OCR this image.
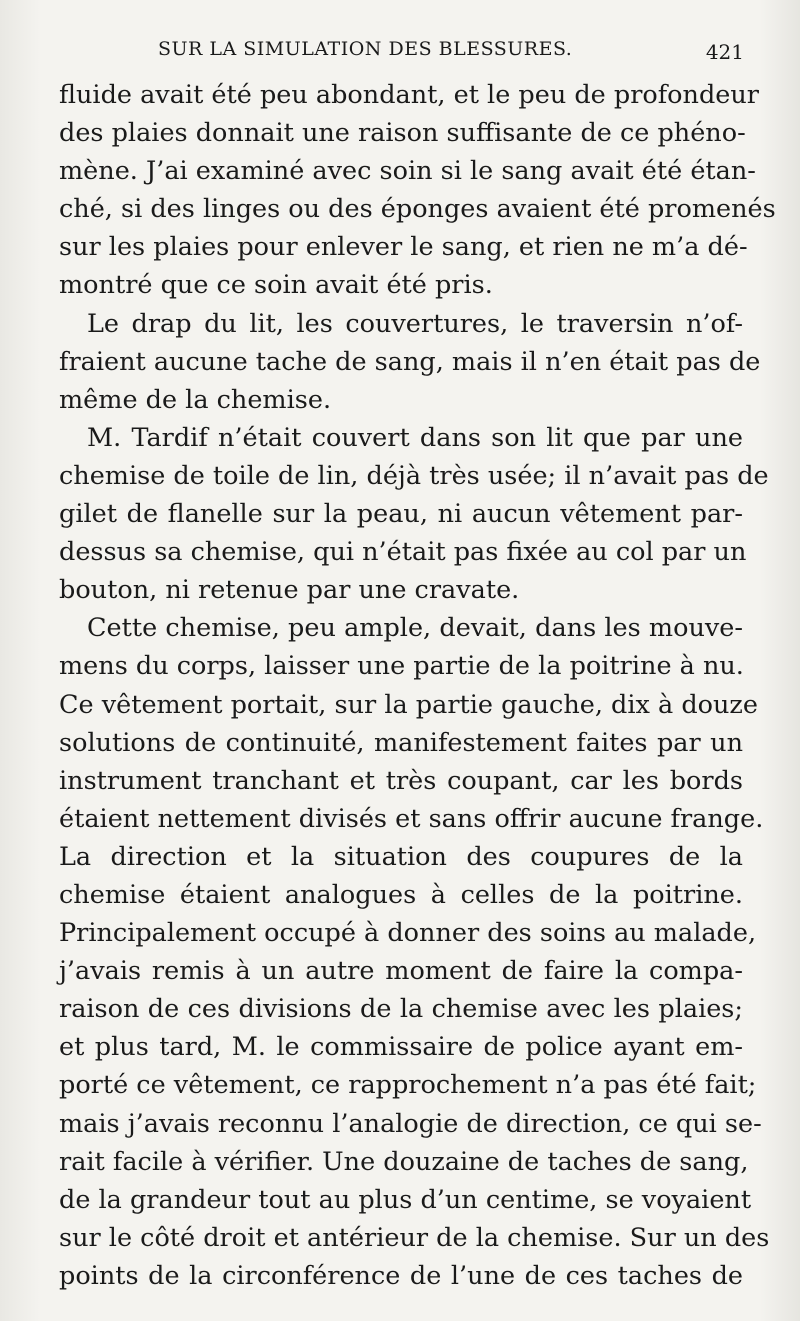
SUR LA SIMULATION DES BLESSURES.	421
fluide avait été peu abondant, et le peu de profondeur
des plaies donnait une raison suffisante de ce phéno-
mène. J’ai examiné avec soin si le sang avait été étan-
ché, si des linges ou des éponges avaient été promenés
sur les plaies pour enlever le sang, et rien ne m’a dé-
montré que ce soin avait été pris.
Le drap du lit, les couvertures, le traversin n’of-
fraient aucune tache de sang, mais il n’en était pas de
même de la chemise.
M. Tardif n’était couvert dans son lit que par une
chemise de toile de lin, déjà très usée; il n’avait pas de
gilet de flanelle sur la peau, ni aucun vêtement par-
dessus sa chemise, qui n’était pas fixée au col par un
bouton, ni retenue par une cravate.
Cette chemise, peu ample, devait, dans les mouve-
mens du corps, laisser une partie de la poitrine à nu.
Ce vêtement portait, sur la partie gauche, dix à douze
solutions de continuité, manifestement faites par un
instrument tranchant et très coupant, car les bords
étaient nettement divisés et sans offrir aucune frange.
La direction et la situation des coupures de la
chemise étaient analogues à celles de la poitrine.
Principalement occupé à donner des soins au malade,
j’avais remis à un autre moment de faire la compa-
raison de ces divisions de la chemise avec les plaies;
et plus tard, M. le commissaire de police ayant em-
porté ce vêtement, ce rapprochement n’a pas été fait;
mais j’avais reconnu l’analogie de direction, ce qui se-
rait facile à vérifier. Une douzaine de taches de sang,
de la grandeur tout au plus d’un centime, se voyaient
sur le côté droit et antérieur de la chemise. Sur un des
points de la circonférence de l’une de ces taches de
